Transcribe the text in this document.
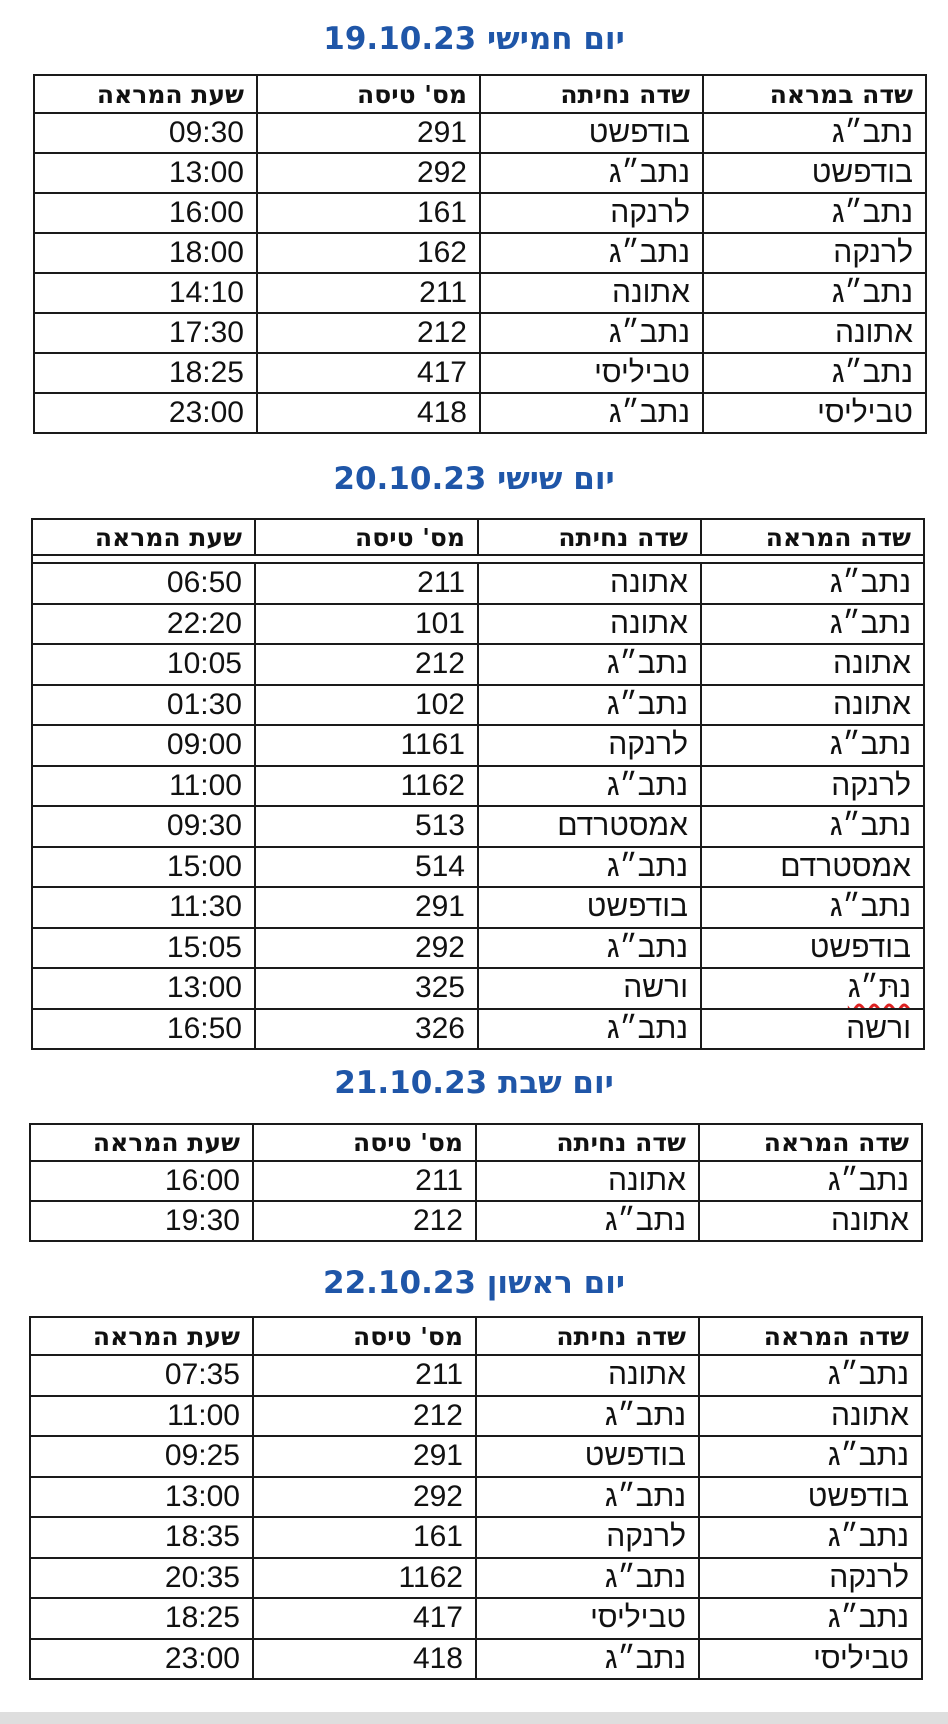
יום חמישי 19.10.23
שדה במראה	שדה נחיתה	מס' טיסה	שעת המראה
נתב״ג	בודפשט	291	09:30
בודפשט	נתב״ג	292	13:00
נתב״ג	לרנקה	161	16:00
לרנקה	נתב״ג	162	18:00
נתב״ג	אתונה	211	14:10
אתונה	נתב״ג	212	17:30
נתב״ג	טביליסי	417	18:25
טביליסי	נתב״ג	418	23:00
יום שישי 20.10.23
שדה המראה	שדה נחיתה	מס' טיסה	שעת המראה

נתב״ג	אתונה	211	06:50
נתב״ג	אתונה	101	22:20
אתונה	נתב״ג	212	10:05
אתונה	נתב״ג	102	01:30
נתב״ג	לרנקה	1161	09:00
לרנקה	נתב״ג	1162	11:00
נתב״ג	אמסטרדם	513	09:30
אמסטרדם	נתב״ג	514	15:00
נתב״ג	בודפשט	291	11:30
בודפשט	נתב״ג	292	15:05
נתּ״ג	ורשה	325	13:00
ורשה	נתב״ג	326	16:50
יום שבת 21.10.23
שדה המראה	שדה נחיתה	מס' טיסה	שעת המראה
נתב״ג	אתונה	211	16:00
אתונה	נתב״ג	212	19:30
יום ראשון 22.10.23
שדה המראה	שדה נחיתה	מס' טיסה	שעת המראה
נתב״ג	אתונה	211	07:35
אתונה	נתב״ג	212	11:00
נתב״ג	בודפשט	291	09:25
בודפשט	נתב״ג	292	13:00
נתב״ג	לרנקה	161	18:35
לרנקה	נתב״ג	1162	20:35
נתב״ג	טביליסי	417	18:25
טביליסי	נתב״ג	418	23:00
